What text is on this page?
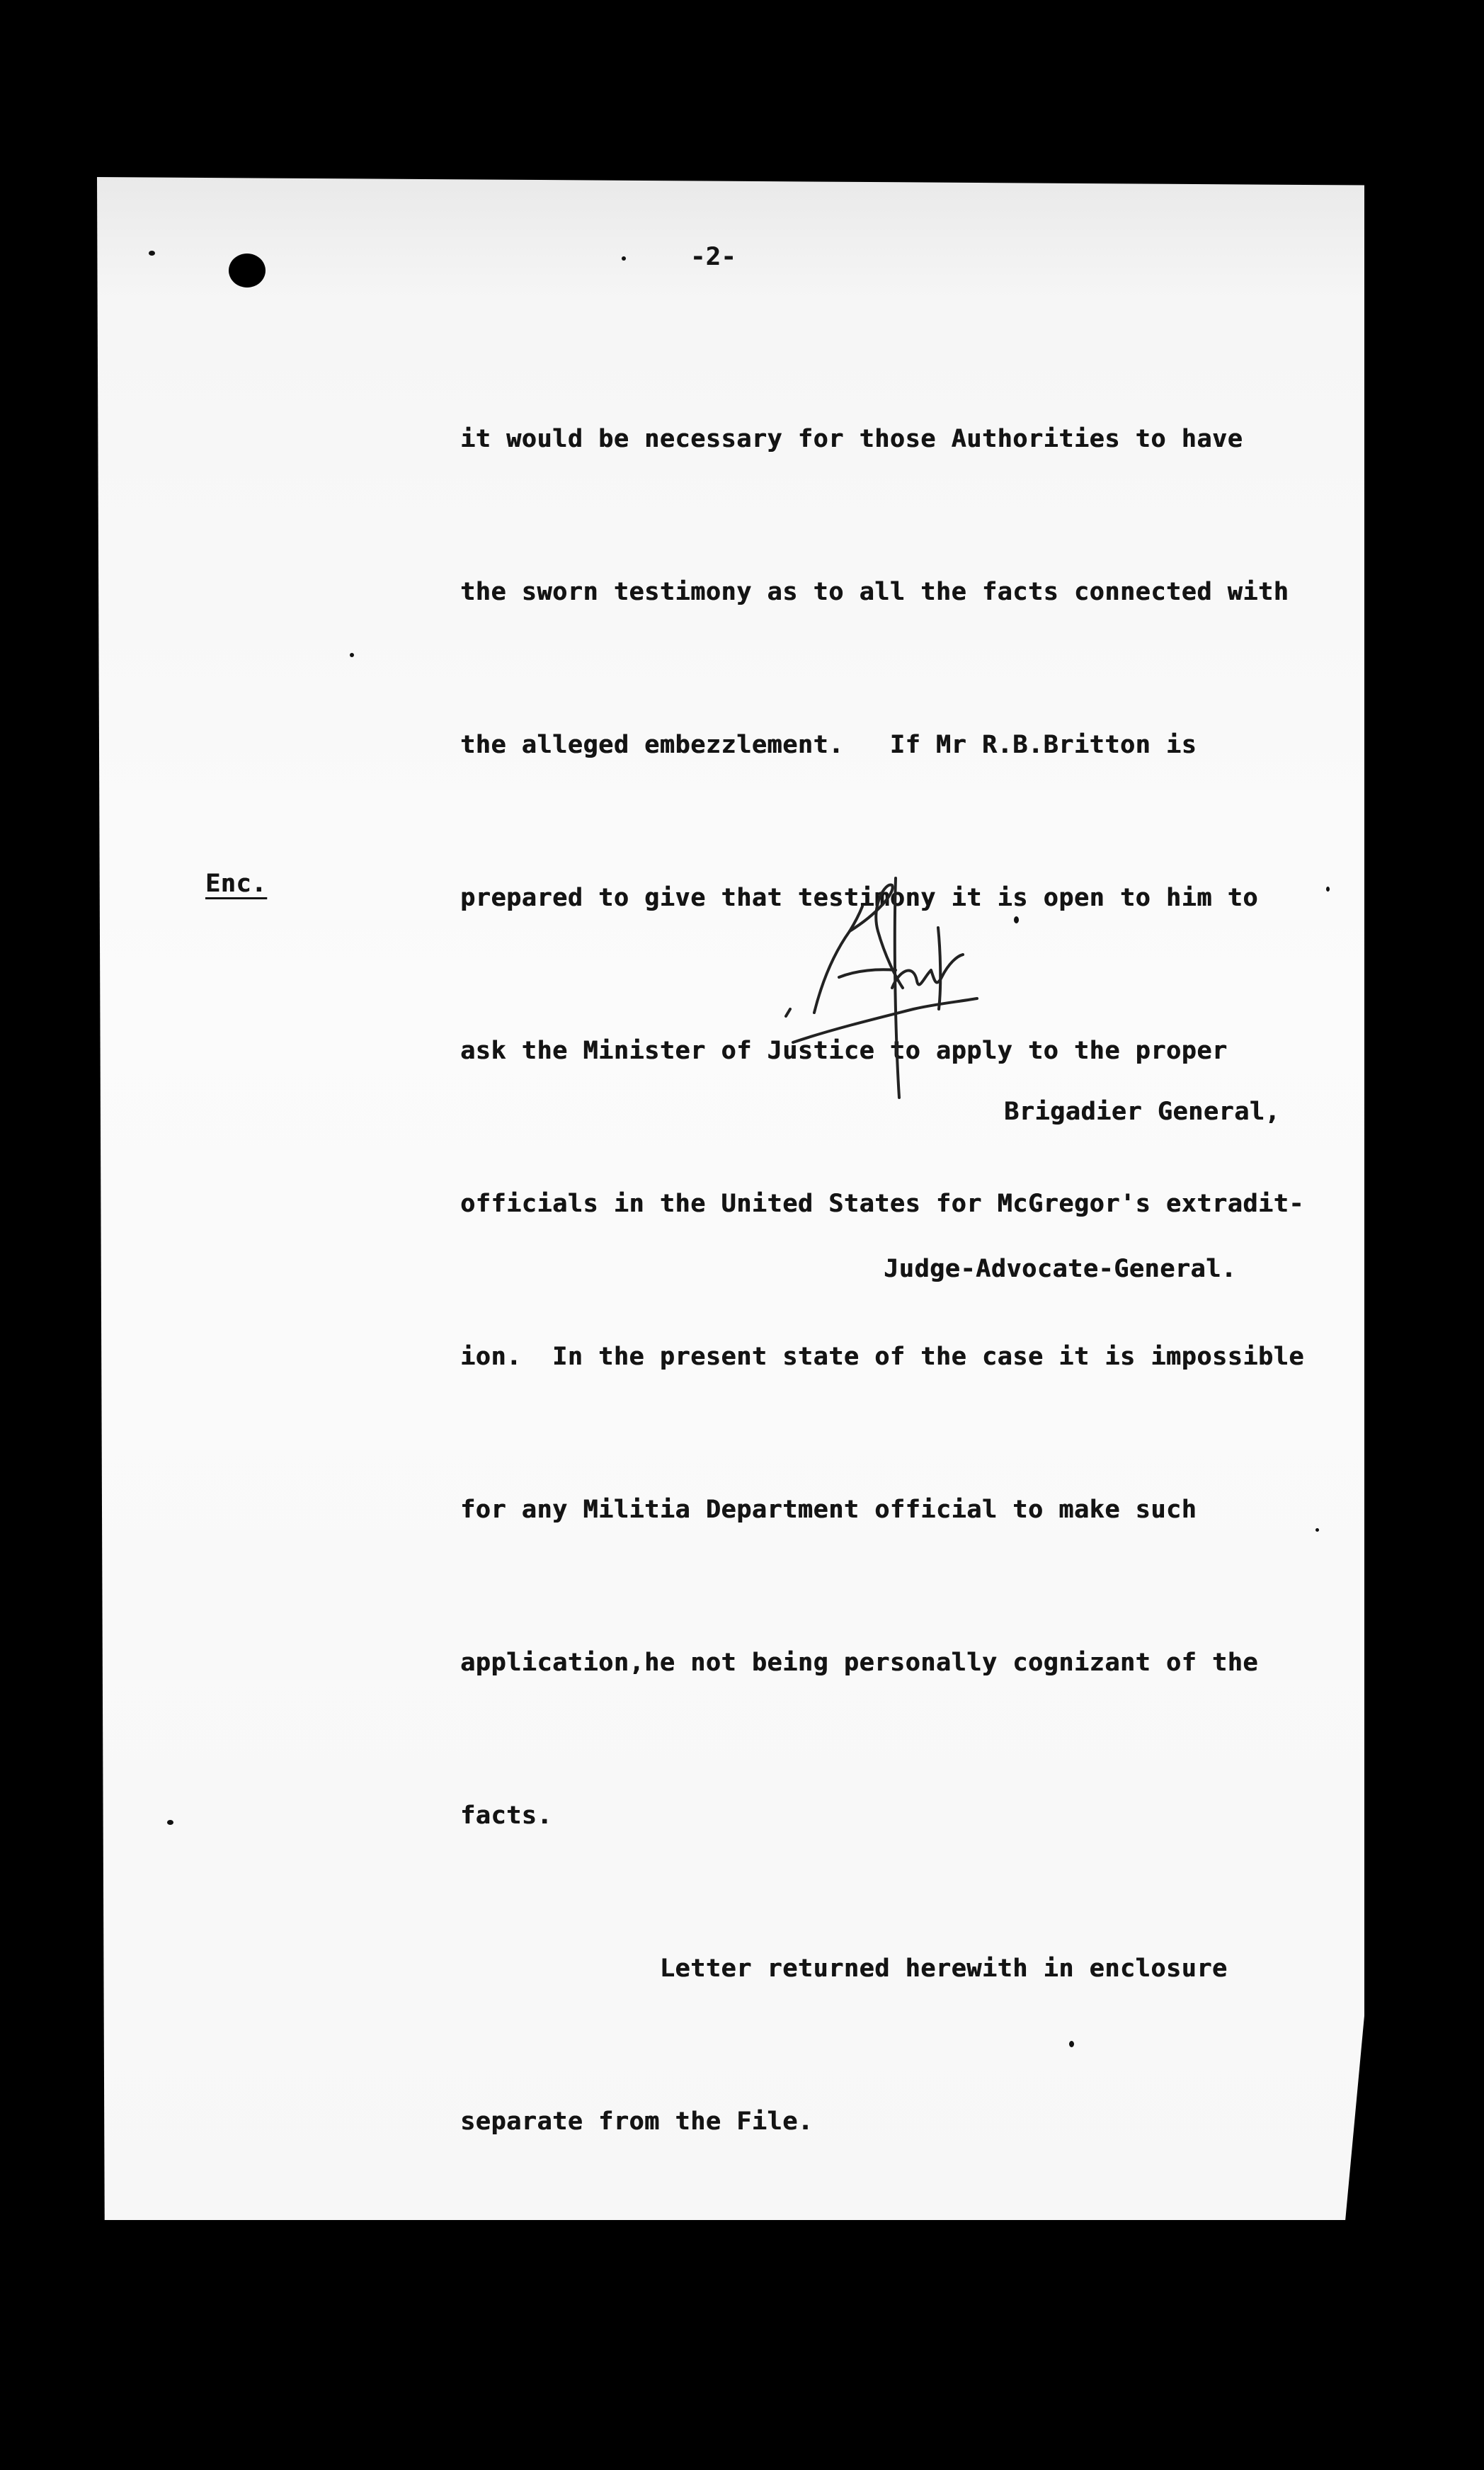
-2-

it would be necessary for those Authorities to have

the sworn testimony as to all the facts connected with

the alleged embezzlement.   If Mr R.B.Britton is

prepared to give that testimony it is open to him to

ask the Minister of Justice to apply to the proper

officials in the United States for McGregor's extradit-

ion.  In the present state of the case it is impossible

for any Militia Department official to make such

application,he not being personally cognizant of the

facts.

Letter returned herewith in enclosure

separate from the File.

Enc.

Brigadier General,

Judge-Advocate-General.
